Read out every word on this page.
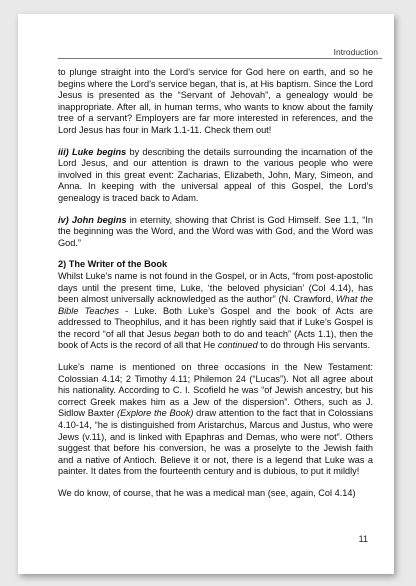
Introduction

to plunge straight into the Lord’s service for God here on earth, and so he begins where the Lord’s service began, that is, at His baptism. Since the Lord Jesus is presented as the “Servant of Jehovah”, a genealogy would be inappropriate. After all, in human terms, who wants to know about the family tree of a servant? Employers are far more interested in references, and the Lord Jesus has four in Mark 1.1-11. Check them out!

iii) Luke begins by describing the details surrounding the incarnation of the Lord Jesus, and our attention is drawn to the various people who were involved in this great event: Zacharias, Elizabeth, John, Mary, Simeon, and Anna. In keeping with the universal appeal of this Gospel, the Lord’s genealogy is traced back to Adam.

iv) John begins in eternity, showing that Christ is God Himself. See 1.1, “In the beginning was the Word, and the Word was with God, and the Word was God.”

2) The Writer of the Book

Whilst Luke’s name is not found in the Gospel, or in Acts, “from post-apostolic days until the present time, Luke, ‘the beloved physician’ (Col 4.14), has been almost universally acknowledged as the author” (N. Crawford, What the Bible Teaches - Luke. Both Luke’s Gospel and the book of Acts are addressed to Theophilus, and it has been rightly said that if Luke’s Gospel is the record “of all that Jesus began both to do and teach” (Acts 1.1), then the book of Acts is the record of all that He continued to do through His servants.

Luke’s name is mentioned on three occasions in the New Testament: Colossian 4.14; 2 Timothy 4.11; Philemon 24 (“Lucas”). Not all agree about his nationality. According to C. I. Scofield he was “of Jewish ancestry, but his correct Greek makes him as a Jew of the dispersion”. Others, such as J. Sidlow Baxter (Explore the Book) draw attention to the fact that in Colossians 4.10-14, “he is distinguished from Aristarchus, Marcus and Justus, who were Jews (v.11), and is linked with Epaphras and Demas, who were not”. Others suggest that before his conversion, he was a proselyte to the Jewish faith and a native of Antioch. Believe it or not, there is a legend that Luke was a painter. It dates from the fourteenth century and is dubious, to put it mildly!

We do know, of course, that he was a medical man (see, again, Col 4.14)

11
